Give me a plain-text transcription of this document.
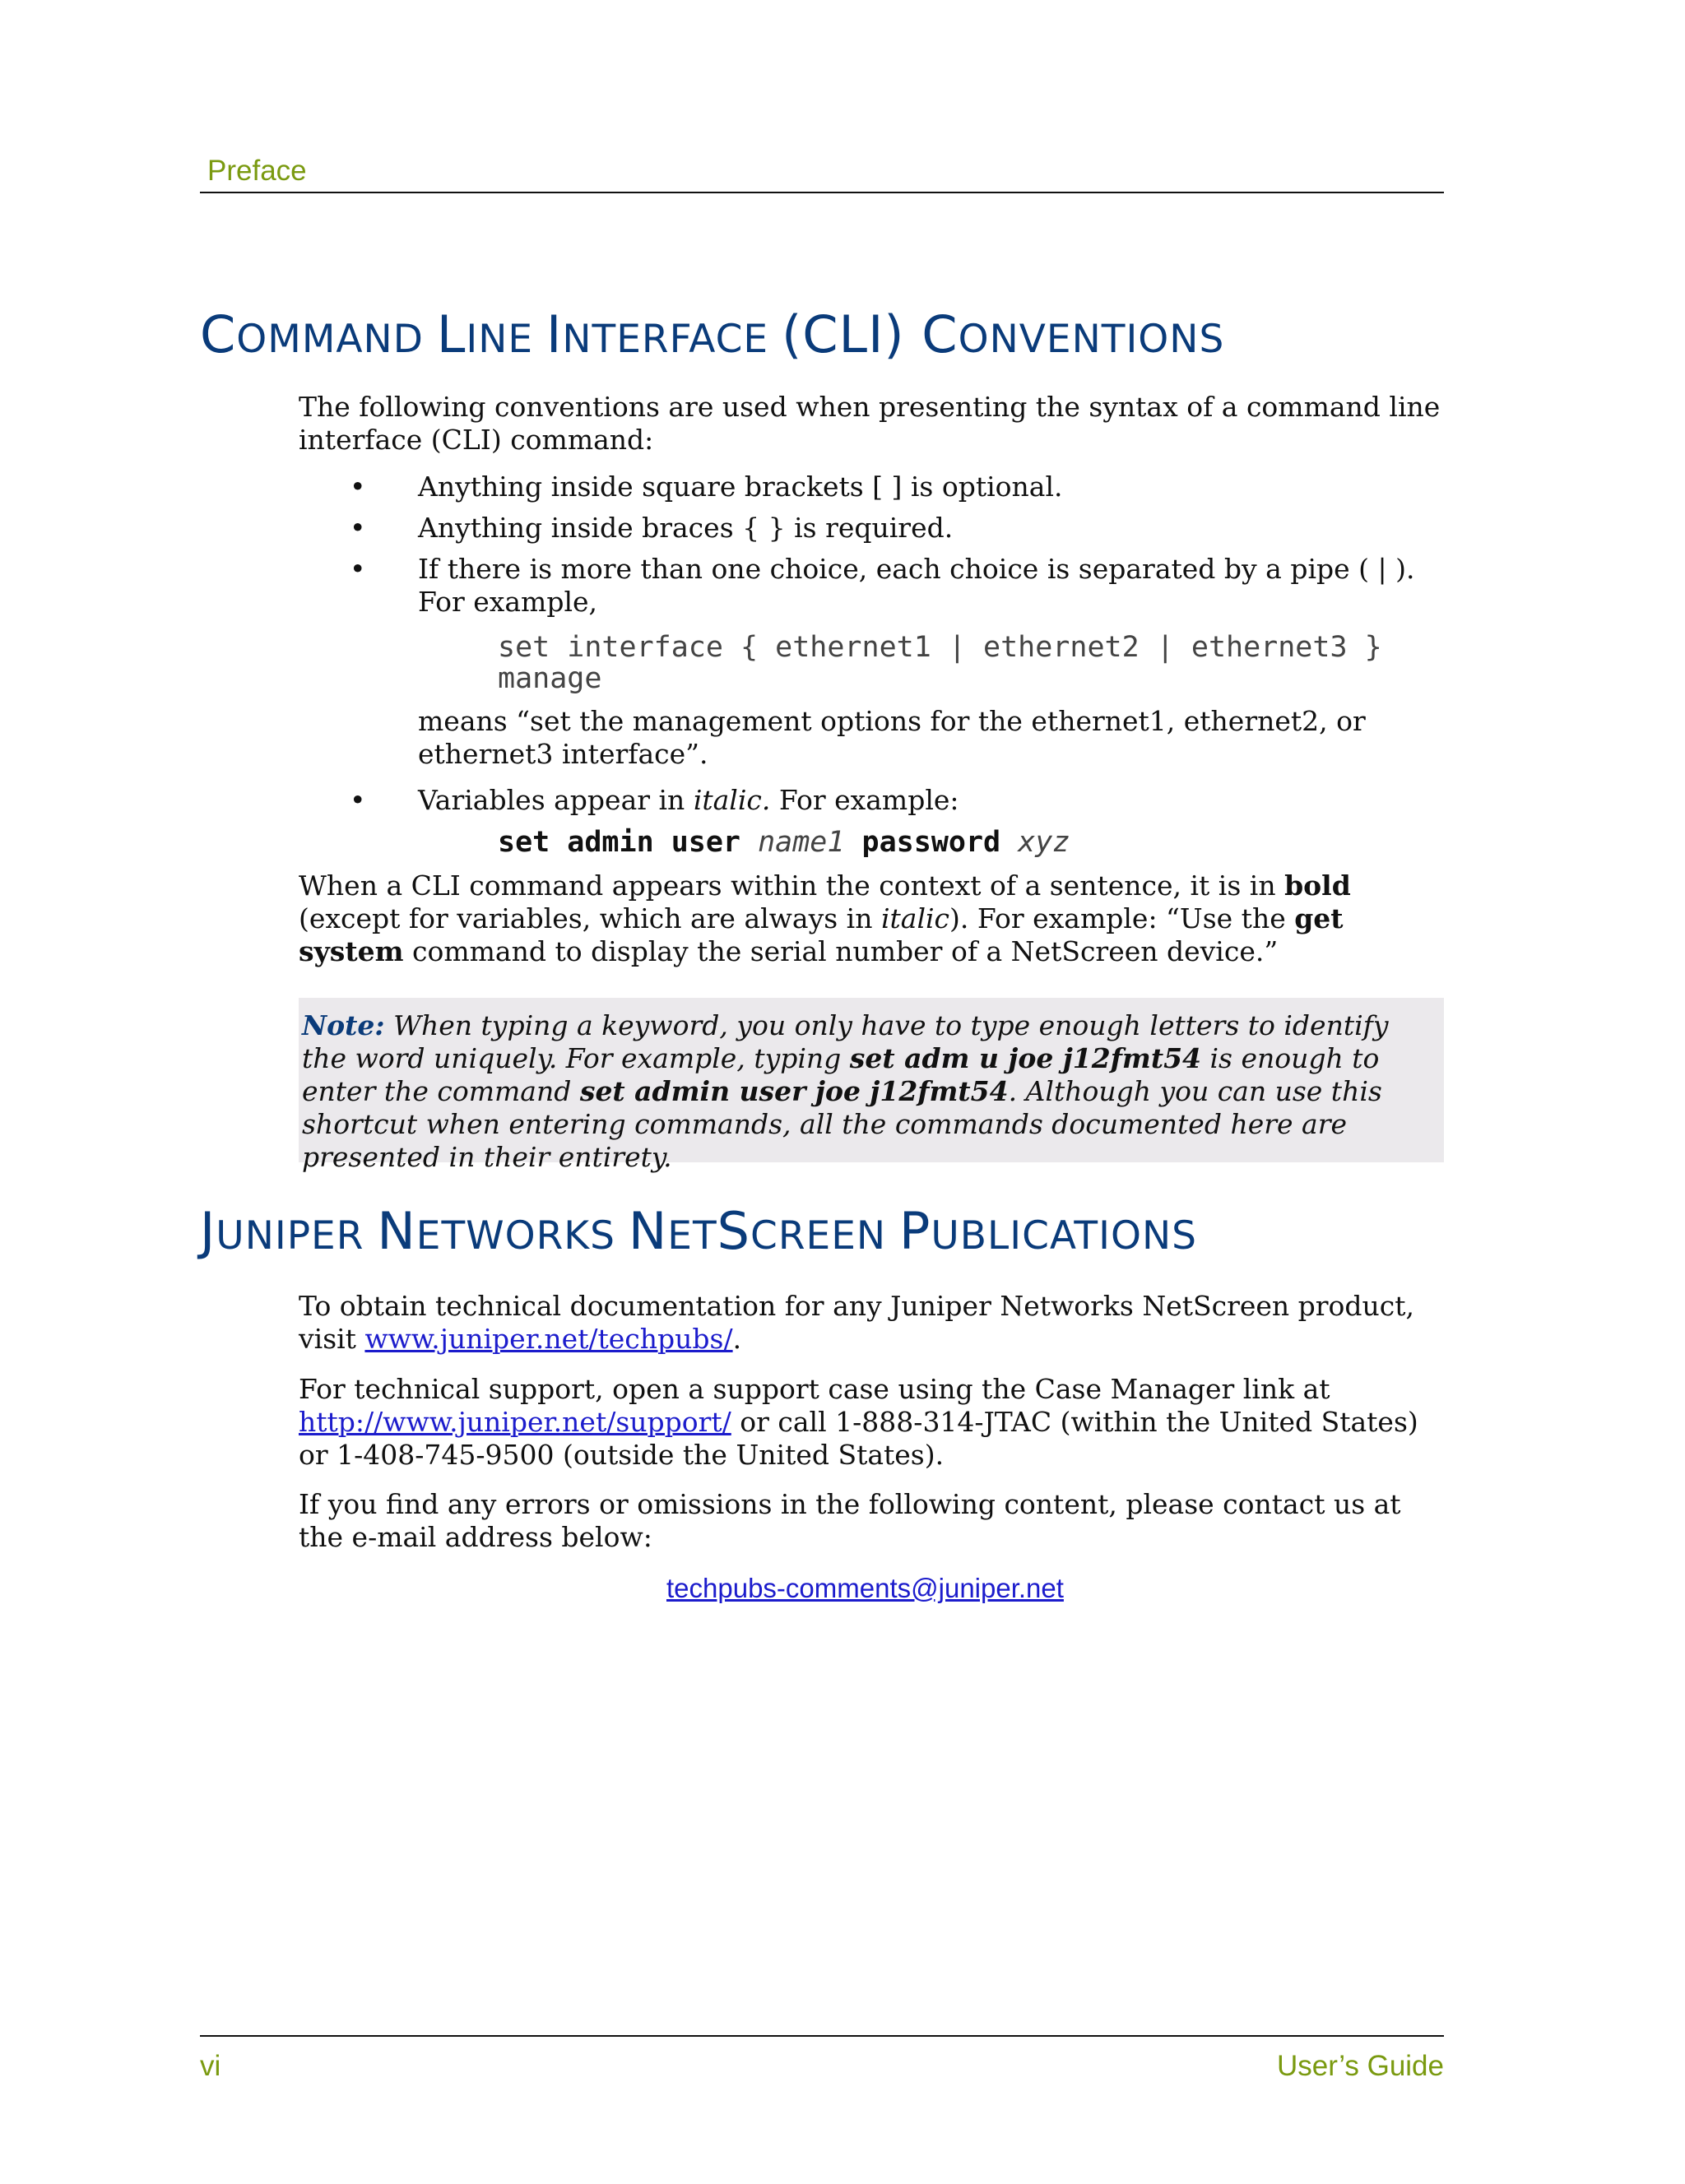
Preface
COMMAND LINE INTERFACE (CLI) CONVENTIONS

The following conventions are used when presenting the syntax of a command line interface (CLI) command:

• Anything inside square brackets [ ] is optional.
• Anything inside braces { } is required.
• If there is more than one choice, each choice is separated by a pipe ( | ). For example,
set interface { ethernet1 | ethernet2 | ethernet3 }
manage
means “set the management options for the ethernet1, ethernet2, or ethernet3 interface”.
• Variables appear in italic. For example:
set admin user name1 password xyz

When a CLI command appears within the context of a sentence, it is in bold (except for variables, which are always in italic). For example: “Use the get system command to display the serial number of a NetScreen device.”

Note: When typing a keyword, you only have to type enough letters to identify the word uniquely. For example, typing set adm u joe j12fmt54 is enough to enter the command set admin user joe j12fmt54. Although you can use this shortcut when entering commands, all the commands documented here are presented in their entirety.
JUNIPER NETWORKS NETSCREEN PUBLICATIONS

To obtain technical documentation for any Juniper Networks NetScreen product, visit www.juniper.net/techpubs/.

For technical support, open a support case using the Case Manager link at http://www.juniper.net/support/ or call 1-888-314-JTAC (within the United States) or 1-408-745-9500 (outside the United States).

If you find any errors or omissions in the following content, please contact us at the e-mail address below:

techpubs-comments@juniper.net
vi	User’s Guide
